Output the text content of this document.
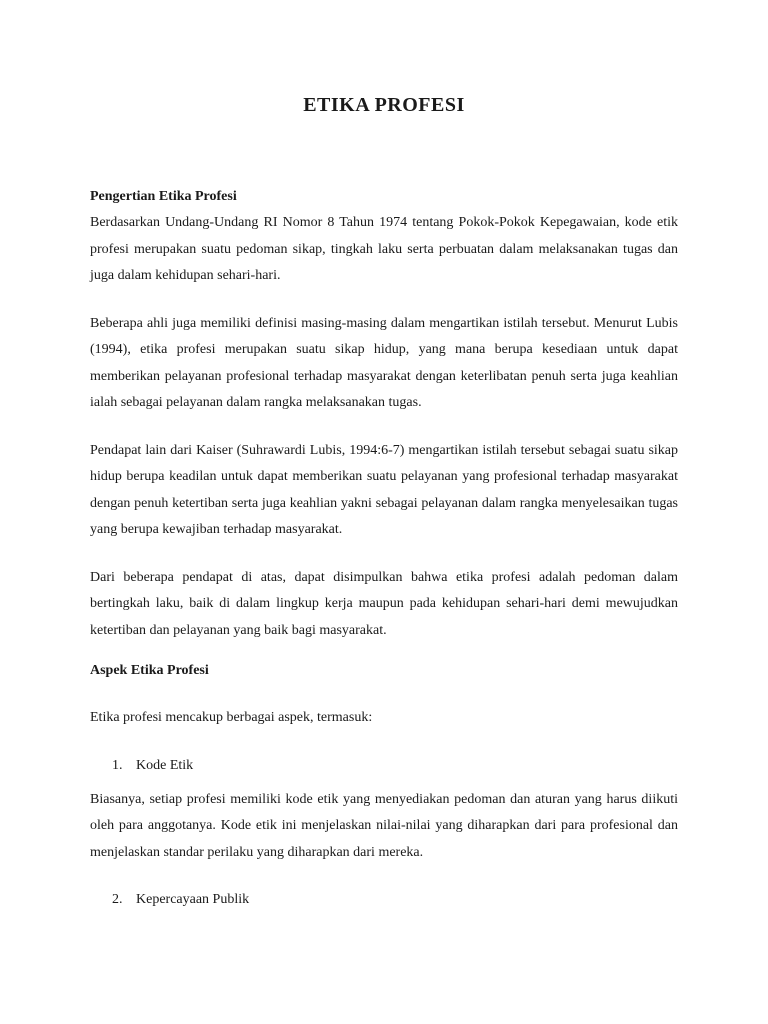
ETIKA PROFESI

Pengertian Etika Profesi

Berdasarkan Undang-Undang RI Nomor 8 Tahun 1974 tentang Pokok-Pokok Kepegawaian, kode etik profesi merupakan suatu pedoman sikap, tingkah laku serta perbuatan dalam melaksanakan tugas dan juga dalam kehidupan sehari-hari.

Beberapa ahli juga memiliki definisi masing-masing dalam mengartikan istilah tersebut. Menurut Lubis (1994), etika profesi merupakan suatu sikap hidup, yang mana berupa kesediaan untuk dapat memberikan pelayanan profesional terhadap masyarakat dengan keterlibatan penuh serta juga keahlian ialah sebagai pelayanan dalam rangka melaksanakan tugas.

Pendapat lain dari Kaiser (Suhrawardi Lubis, 1994:6-7) mengartikan istilah tersebut sebagai suatu sikap hidup berupa keadilan untuk dapat memberikan suatu pelayanan yang profesional terhadap masyarakat dengan penuh ketertiban serta juga keahlian yakni sebagai pelayanan dalam rangka menyelesaikan tugas yang berupa kewajiban terhadap masyarakat.

Dari beberapa pendapat di atas, dapat disimpulkan bahwa etika profesi adalah pedoman dalam bertingkah laku, baik di dalam lingkup kerja maupun pada kehidupan sehari-hari demi mewujudkan ketertiban dan pelayanan yang baik bagi masyarakat.

Aspek Etika Profesi

Etika profesi mencakup berbagai aspek, termasuk:

1. Kode Etik

Biasanya, setiap profesi memiliki kode etik yang menyediakan pedoman dan aturan yang harus diikuti oleh para anggotanya. Kode etik ini menjelaskan nilai-nilai yang diharapkan dari para profesional dan menjelaskan standar perilaku yang diharapkan dari mereka.

2. Kepercayaan Publik
